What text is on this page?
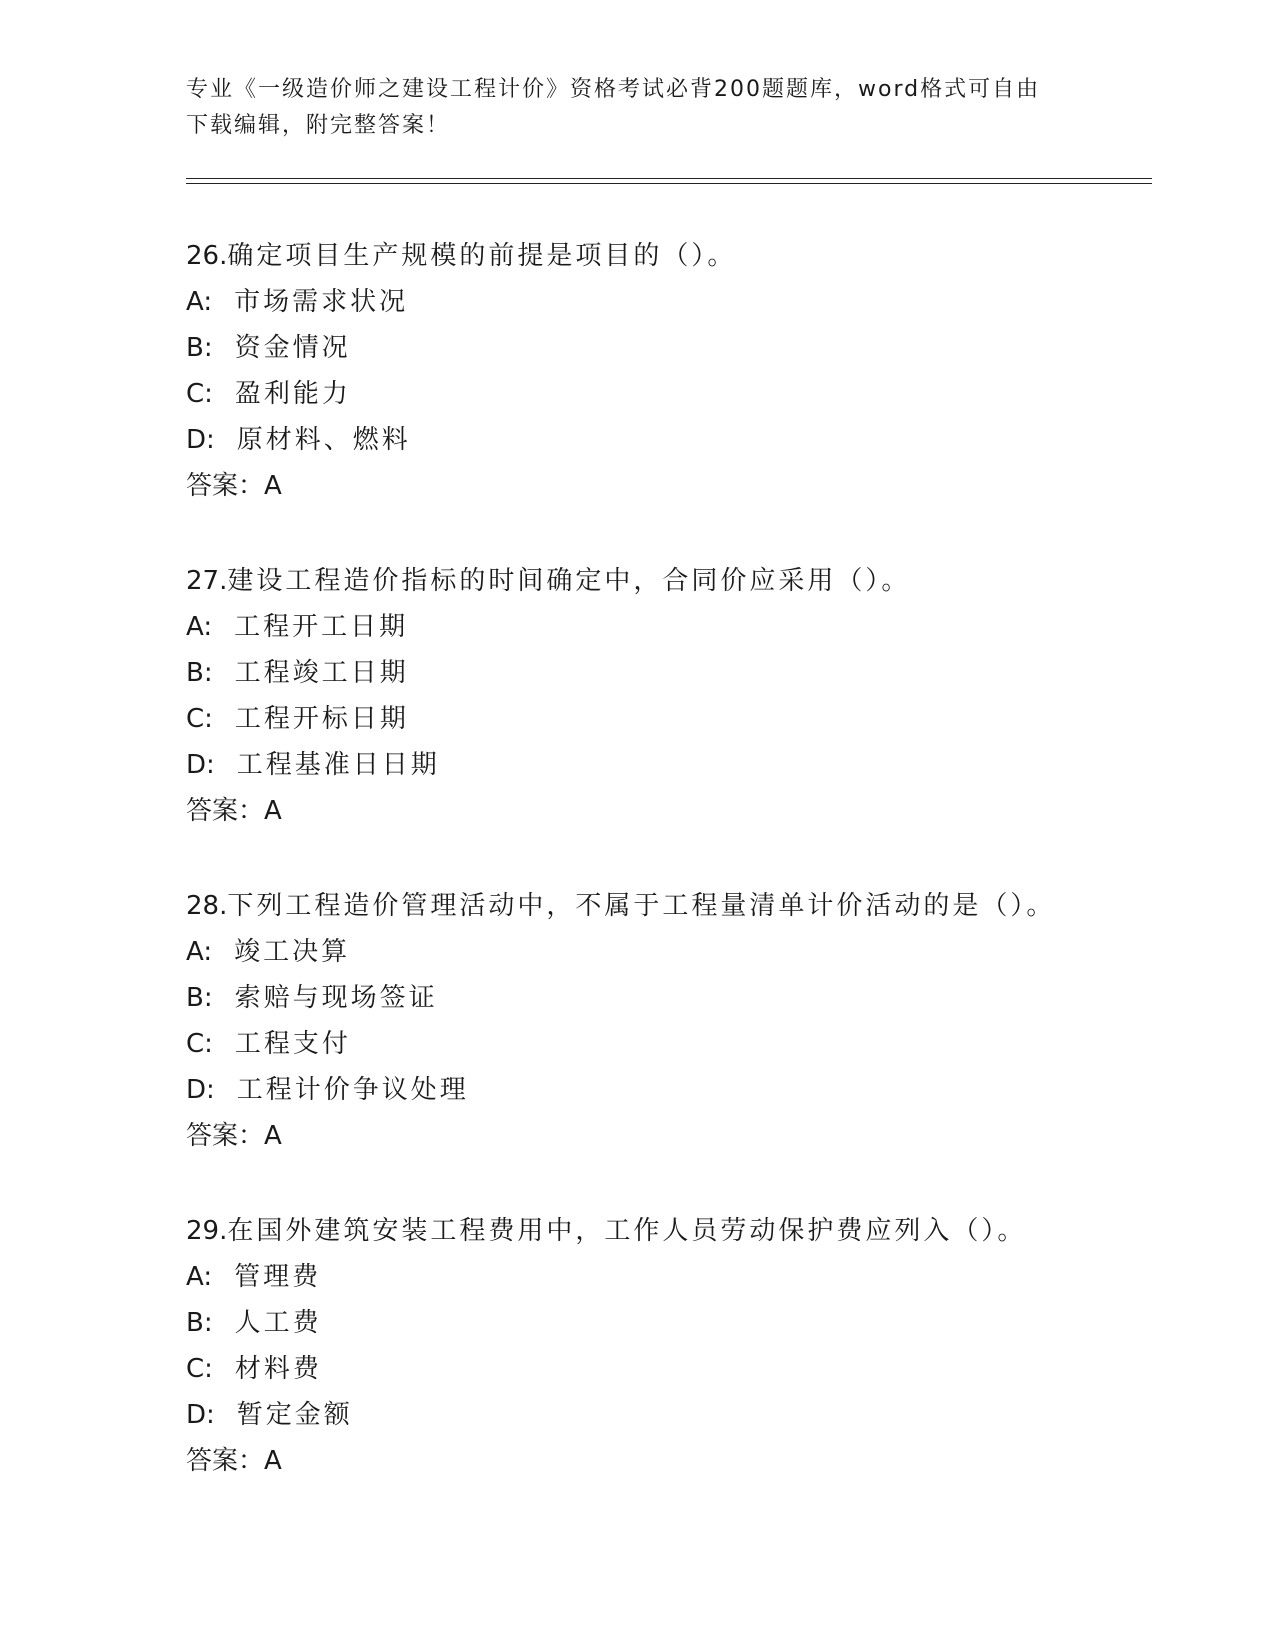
专业《一级造价师之建设工程计价》资格考试必背200题题库，word格式可自由
下载编辑，附完整答案！
26.确定项目生产规模的前提是项目的（）。
A: 市场需求状况
B: 资金情况
C: 盈利能力
D: 原材料、燃料
答案：A
27.建设工程造价指标的时间确定中，合同价应采用（）。
A: 工程开工日期
B: 工程竣工日期
C: 工程开标日期
D: 工程基准日日期
答案：A
28.下列工程造价管理活动中，不属于工程量清单计价活动的是（）。
A: 竣工决算
B: 索赔与现场签证
C: 工程支付
D: 工程计价争议处理
答案：A
29.在国外建筑安装工程费用中，工作人员劳动保护费应列入（）。
A: 管理费
B: 人工费
C: 材料费
D: 暂定金额
答案：A
